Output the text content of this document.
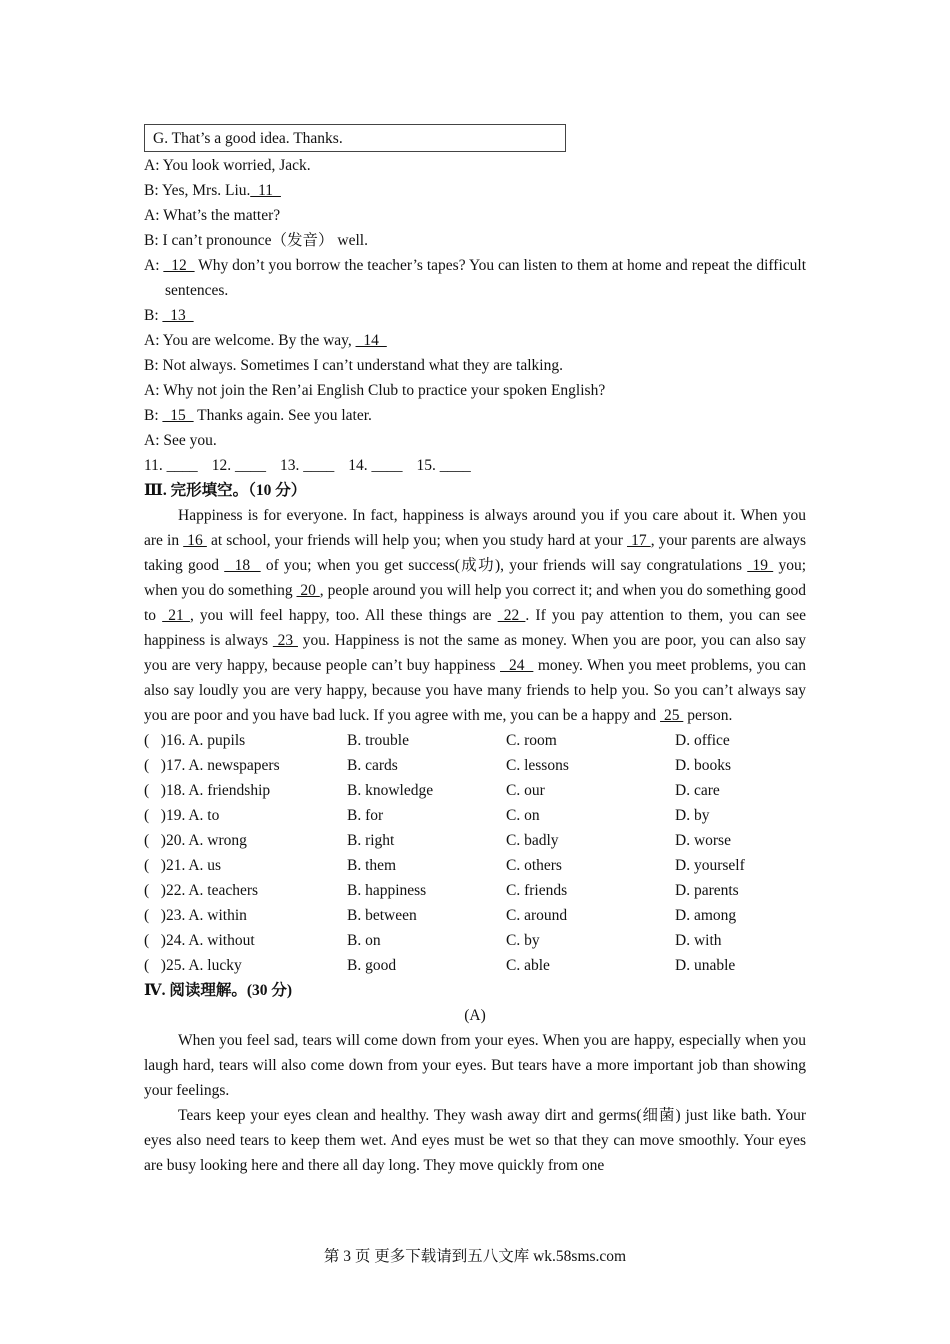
G. That’s a good idea. Thanks.
A: You look worried, Jack.
B: Yes, Mrs. Liu._11_
A: What’s the matter?
B: I can’t pronounce（发音） well.
A: _12_ Why don’t you borrow the teacher’s tapes? You can listen to them at home and repeat the difficult sentences.
B: _13_
A: You are welcome. By the way, _14_
B: Not always. Sometimes I can’t understand what they are talking.
A: Why not join the Ren’ai English Club to practice your spoken English?
B: _15_ Thanks again. See you later.
A: See you.
11. ____ 12. ____ 13. ____ 14. ____ 15. ____
Ⅲ. 完形填空。（10 分）
Happiness is for everyone. In fact, happiness is always around you if you care about it. When you are in  16  at school, your friends will help you; when you study hard at your  17 , your parents are always taking good   18   of you; when you get success(成功), your friends will say congratulations  19  you; when you do something  20 , people around you will help you correct it; and when you do something good to  21 , you will feel happy, too. All these things are  22 . If you pay attention to them, you can see happiness is always  23  you. Happiness is not the same as money. When you are poor, you can also say you are very happy, because people can’t buy happiness   24   money. When you meet problems, you can also say loudly you are very happy, because you have many friends to help you. So you can’t always say you are poor and you have bad luck. If you agree with me, you can be a happy and  25  person.
(   )16. A. pupils	B. trouble	C. room	D. office
(   )17. A. newspapers	B. cards	C. lessons	D. books
(   )18. A. friendship	B. knowledge	C. our	D. care
(   )19. A. to	B. for	C. on	D. by
(   )20. A. wrong	B. right	C. badly	D. worse
(   )21. A. us	B. them	C. others	D. yourself
(   )22. A. teachers	B. happiness	C. friends	D. parents
(   )23. A. within	B. between	C. around	D. among
(   )24. A. without	B. on	C. by	D. with
(   )25. A. lucky	B. good	C. able	D. unable
Ⅳ. 阅读理解。(30 分)
(A)
When you feel sad, tears will come down from your eyes. When you are happy, especially when you laugh hard, tears will also come down from your eyes. But tears have a more important job than showing your feelings.
Tears keep your eyes clean and healthy. They wash away dirt and germs(细菌) just like bath. Your eyes also need tears to keep them wet. And eyes must be wet so that they can move smoothly. Your eyes are busy looking here and there all day long. They move quickly from one
第 3 页 更多下载请到五八文库 wk.58sms.com
